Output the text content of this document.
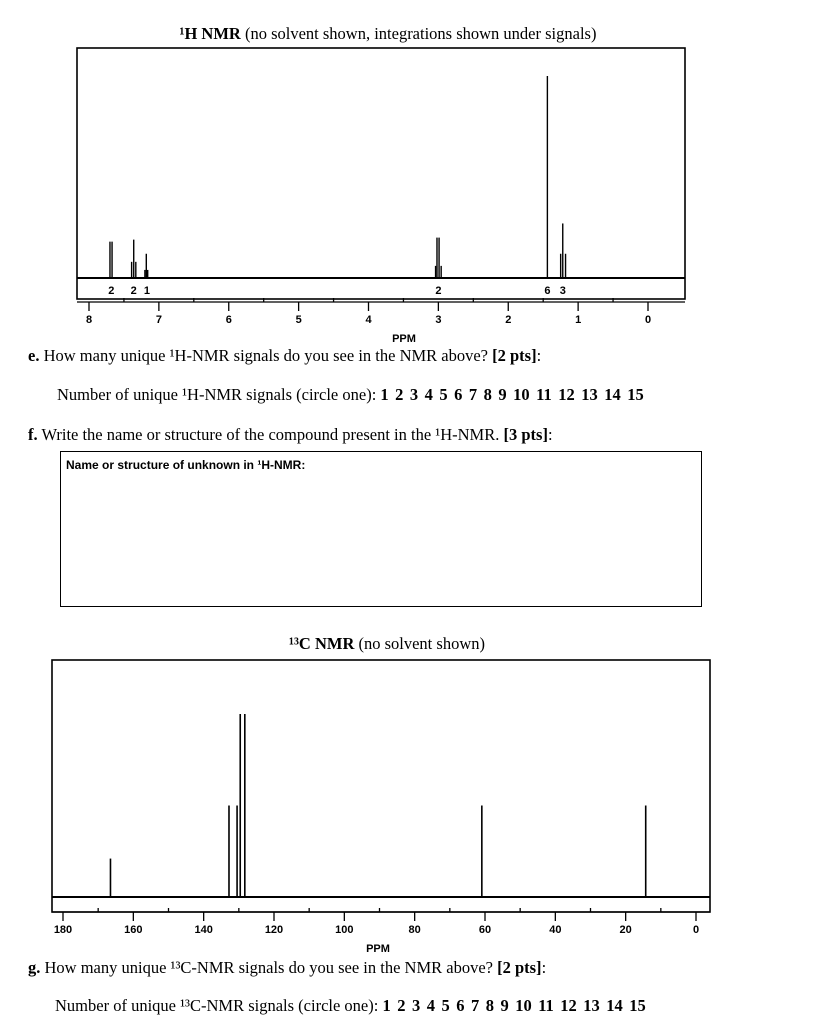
¹H NMR (no solvent shown, integrations shown under signals)
2 2 1	2	6 3
8	7	6	5	4	3	2	1	0
PPM
¹³C NMR (no solvent shown)
180	160	140	120	100	80	60	40	20	0
PPM
e. How many unique ¹H-NMR signals do you see in the NMR above? [2 pts]:
Number of unique ¹H-NMR signals (circle one): 1 2 3 4 5 6 7 8 9 10 11 12 13 14 15
f. Write the name or structure of the compound present in the ¹H-NMR. [3 pts]:
Name or structure of unknown in ¹H-NMR:
g. How many unique ¹³C-NMR signals do you see in the NMR above? [2 pts]:
Number of unique ¹³C-NMR signals (circle one): 1 2 3 4 5 6 7 8 9 10 11 12 13 14 15
